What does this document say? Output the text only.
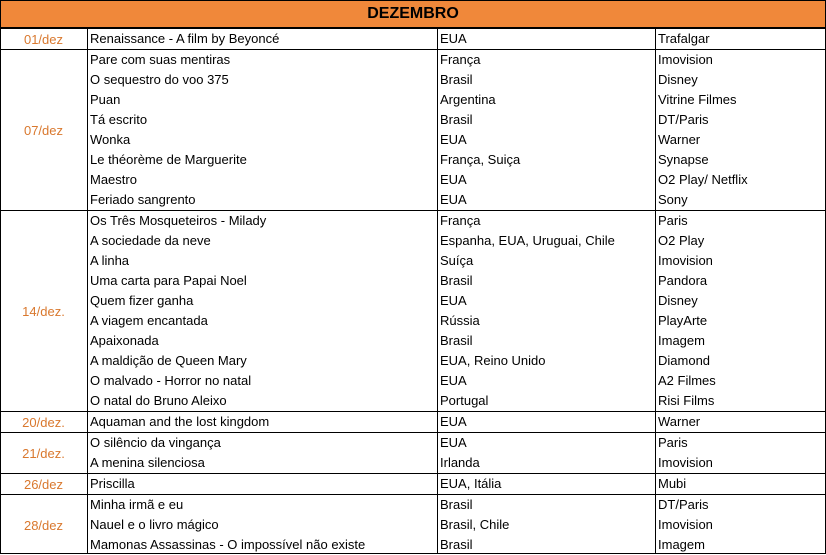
DEZEMBRO
01/dez	Renaissance - A film by Beyoncé	EUA	Trafalgar
07/dez
Pare com suas mentiras	França	Imovision
O sequestro do voo 375	Brasil	Disney
Puan	Argentina	Vitrine Filmes
Tá escrito	Brasil	DT/Paris
Wonka	EUA	Warner
Le théorème de Marguerite	França, Suiça	Synapse
Maestro	EUA	O2 Play/ Netflix
Feriado sangrento	EUA	Sony
14/dez.
Os Três Mosqueteiros - Milady	França	Paris
A sociedade da neve	Espanha, EUA, Uruguai, Chile	O2 Play
A linha	Suíça	Imovision
Uma carta para Papai Noel	Brasil	Pandora
Quem fizer ganha	EUA	Disney
A viagem encantada	Rússia	PlayArte
Apaixonada	Brasil	Imagem
A maldição de Queen Mary	EUA, Reino Unido	Diamond
O malvado - Horror no natal	EUA	A2 Filmes
O natal do Bruno Aleixo	Portugal	Risi Films
20/dez.	Aquaman and the lost kingdom	EUA	Warner
21/dez.
O silêncio da vingança	EUA	Paris
A menina silenciosa	Irlanda	Imovision
26/dez	Priscilla	EUA, Itália	Mubi
28/dez
Minha irmã e eu	Brasil	DT/Paris
Nauel e o livro mágico	Brasil, Chile	Imovision
Mamonas Assassinas - O impossível não existe	Brasil	Imagem
